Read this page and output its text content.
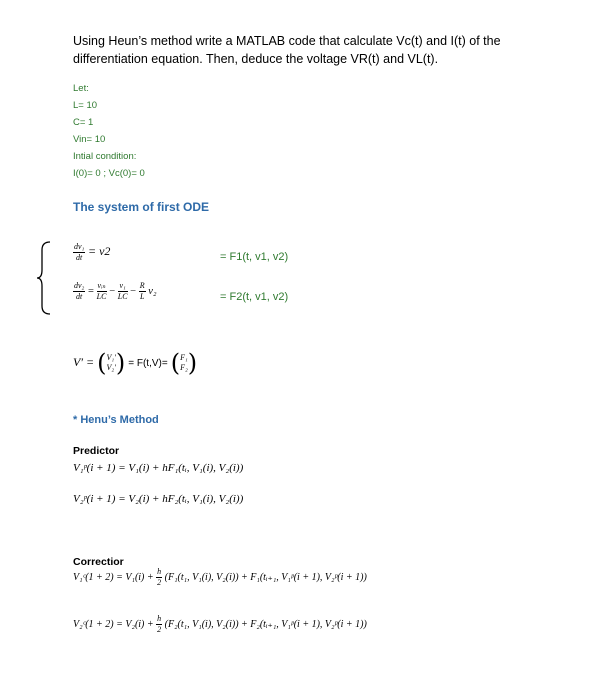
Using Heun’s method write a MATLAB code that calculate Vc(t) and I(t) of the differentiation equation. Then, deduce the voltage VR(t) and VL(t).
Let:
L= 10
C= 1
Vin= 10
Intial condition:
I(0)= 0 ; Vc(0)= 0
The system of first ODE
$\frac{\text{dv₁}}{dt} = v2$	= F1(t, v1, v2)
$\frac{\text{dv₂}}{dt} = \frac{\text{vᵢₙ}}{LC} - \frac{\text{v₁}}{LC} - \frac{R}{L} v_2$	= F2(t, v1, v2)
V′ = (V₁′
V₂′) = F(t,V)= (F₁
F₂)
* Henu’s Method
Predictor
V₁ᵖ(i + 1) = V₁(i) + hF₁(tᵢ, V₁(i), V₂(i))
V₂ᵖ(i + 1) = V₂(i) + hF₂(tᵢ, V₁(i), V₂(i))
Correctior
V₁ᶜ(1 + $2) = V_1(i) + \frac{h}{2} (F_1(t_1$, V₁(i), V₂(i)) + F₁(tᵢ₊₁, V₁ᵖ(i + 1), V₂ᵖ(i + 1))
V₂ᶜ(1 + $2) = V_2(i) + \frac{h}{2} (F_2(t_1$, V₁(i), V₂(i)) + F₂(tᵢ₊₁, V₁ᵖ(i + 1), V₂ᵖ(i + 1))
